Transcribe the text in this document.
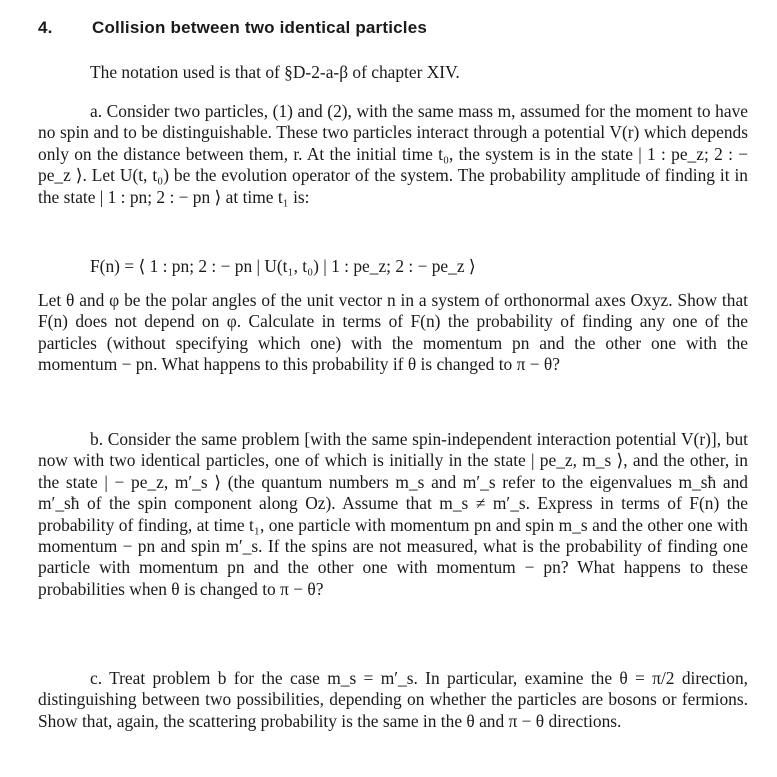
4. Collision between two identical particles
The notation used is that of §D-2-a-β of chapter XIV.
a. Consider two particles, (1) and (2), with the same mass m, assumed for the moment to have no spin and to be distinguishable. These two particles interact through a potential V(r) which depends only on the distance between them, r. At the initial time t₀, the system is in the state | 1 : pe_z; 2 : − pe_z ⟩. Let U(t, t₀) be the evolution operator of the system. The probability amplitude of finding it in the state | 1 : pn; 2 : − pn ⟩ at time t₁ is:
F(n) = ⟨ 1 : pn; 2 : − pn | U(t₁, t₀) | 1 : pe_z; 2 : − pe_z ⟩
Let θ and φ be the polar angles of the unit vector n in a system of orthonormal axes Oxyz. Show that F(n) does not depend on φ. Calculate in terms of F(n) the probability of finding any one of the particles (without specifying which one) with the momentum pn and the other one with the momentum − pn. What happens to this probability if θ is changed to π − θ?
b. Consider the same problem [with the same spin-independent interaction potential V(r)], but now with two identical particles, one of which is initially in the state | pe_z, m_s ⟩, and the other, in the state | − pe_z, m′_s ⟩ (the quantum numbers m_s and m′_s refer to the eigenvalues m_sħ and m′_sħ of the spin component along Oz). Assume that m_s ≠ m′_s. Express in terms of F(n) the probability of finding, at time t₁, one particle with momentum pn and spin m_s and the other one with momentum − pn and spin m′_s. If the spins are not measured, what is the probability of finding one particle with momentum pn and the other one with momentum − pn? What happens to these probabilities when θ is changed to π − θ?
c. Treat problem b for the case m_s = m′_s. In particular, examine the θ = π/2 direction, distinguishing between two possibilities, depending on whether the particles are bosons or fermions. Show that, again, the scattering probability is the same in the θ and π − θ directions.
